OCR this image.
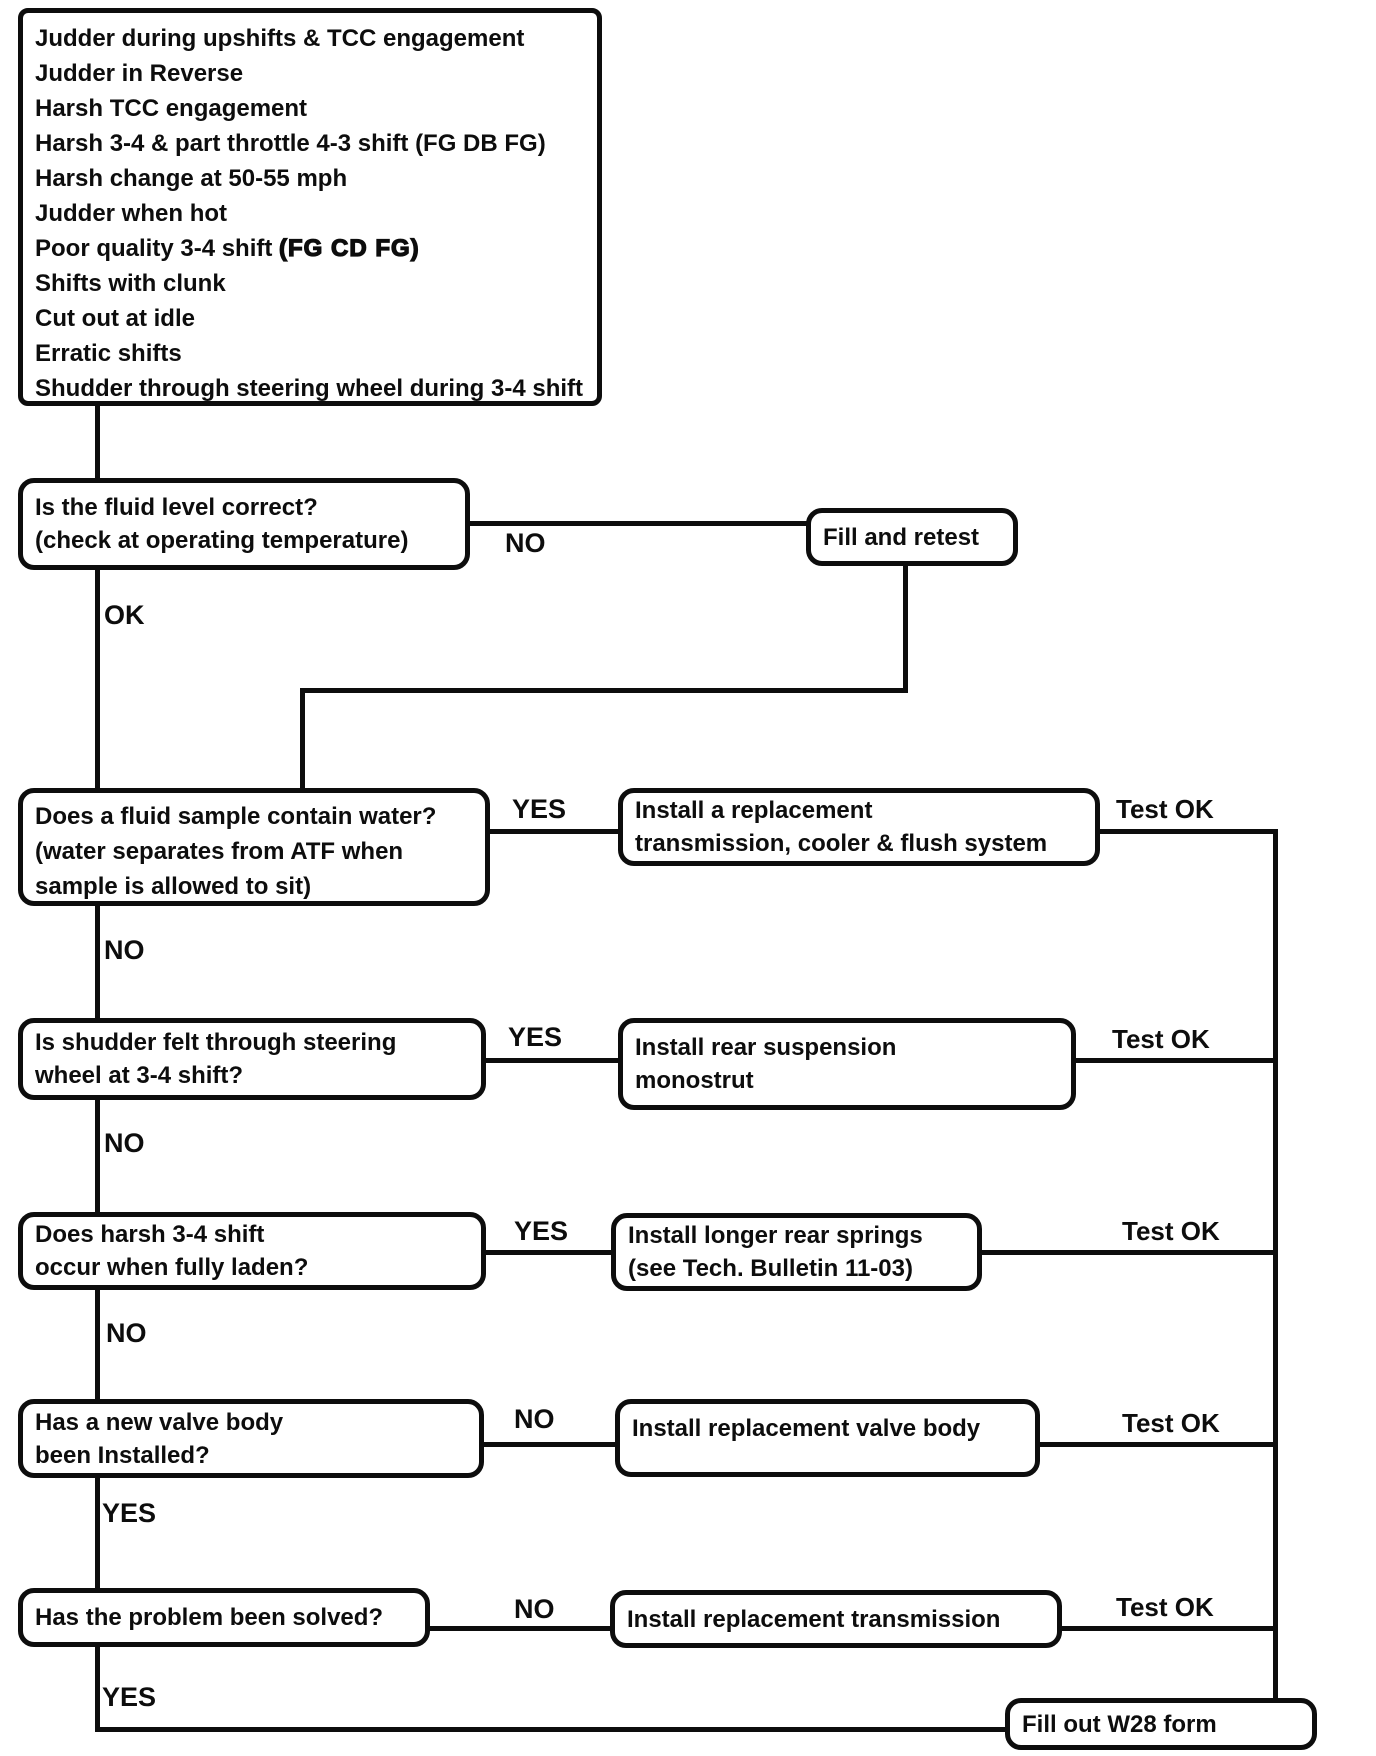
NO
OK
YES
NO
YES
NO
YES
NO
NO
YES
NO
YES
Test OK
Test OK
Test OK
Test OK
Test OK
Judder during upshifts & TCC engagement
Judder in Reverse
Harsh TCC engagement
Harsh 3-4 & part throttle 4-3 shift (FG DB FG)
Harsh change at 50-55 mph
Judder when hot
Poor quality 3-4 shift (FG CD FG)
Shifts with clunk
Cut out at idle
Erratic shifts
Shudder through steering wheel during 3-4 shift
Is the fluid level correct?
(check at operating temperature)	Fill and retest
Does a fluid sample contain water?
(water separates from ATF when
sample is allowed to sit)
Install a replacement
transmission, cooler & flush system
Is shudder felt through steering
wheel at 3-4 shift?
Install rear suspension
monostrut
Does harsh 3-4 shift
occur when fully laden?
Install longer rear springs
(see Tech. Bulletin 11-03)
Has a new valve body
been Installed?
Install replacement valve body
Has the problem been solved?	Install replacement transmission
Fill out W28 form
